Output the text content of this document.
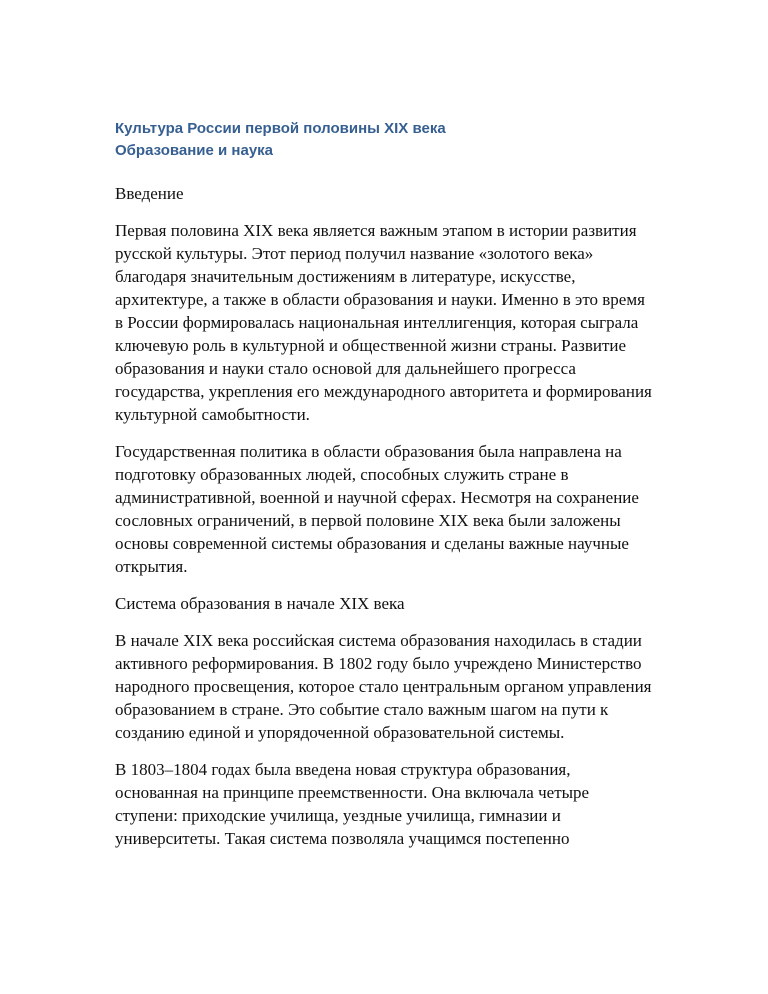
Культура России первой половины XIX века

Образование и наука

Введение

Первая половина XIX века является важным этапом в истории развития русской культуры. Этот период получил название «золотого века» благодаря значительным достижениям в литературе, искусстве, архитектуре, а также в области образования и науки. Именно в это время в России формировалась национальная интеллигенция, которая сыграла ключевую роль в культурной и общественной жизни страны. Развитие образования и науки стало основой для дальнейшего прогресса государства, укрепления его международного авторитета и формирования культурной самобытности.

Государственная политика в области образования была направлена на подготовку образованных людей, способных служить стране в административной, военной и научной сферах. Несмотря на сохранение сословных ограничений, в первой половине XIX века были заложены основы современной системы образования и сделаны важные научные открытия.

Система образования в начале XIX века

В начале XIX века российская система образования находилась в стадии активного реформирования. В 1802 году было учреждено Министерство народного просвещения, которое стало центральным органом управления образованием в стране. Это событие стало важным шагом на пути к созданию единой и упорядоченной образовательной системы.

В 1803–1804 годах была введена новая структура образования, основанная на принципе преемственности. Она включала четыре ступени: приходские училища, уездные училища, гимназии и университеты. Такая система позволяла учащимся постепенно
